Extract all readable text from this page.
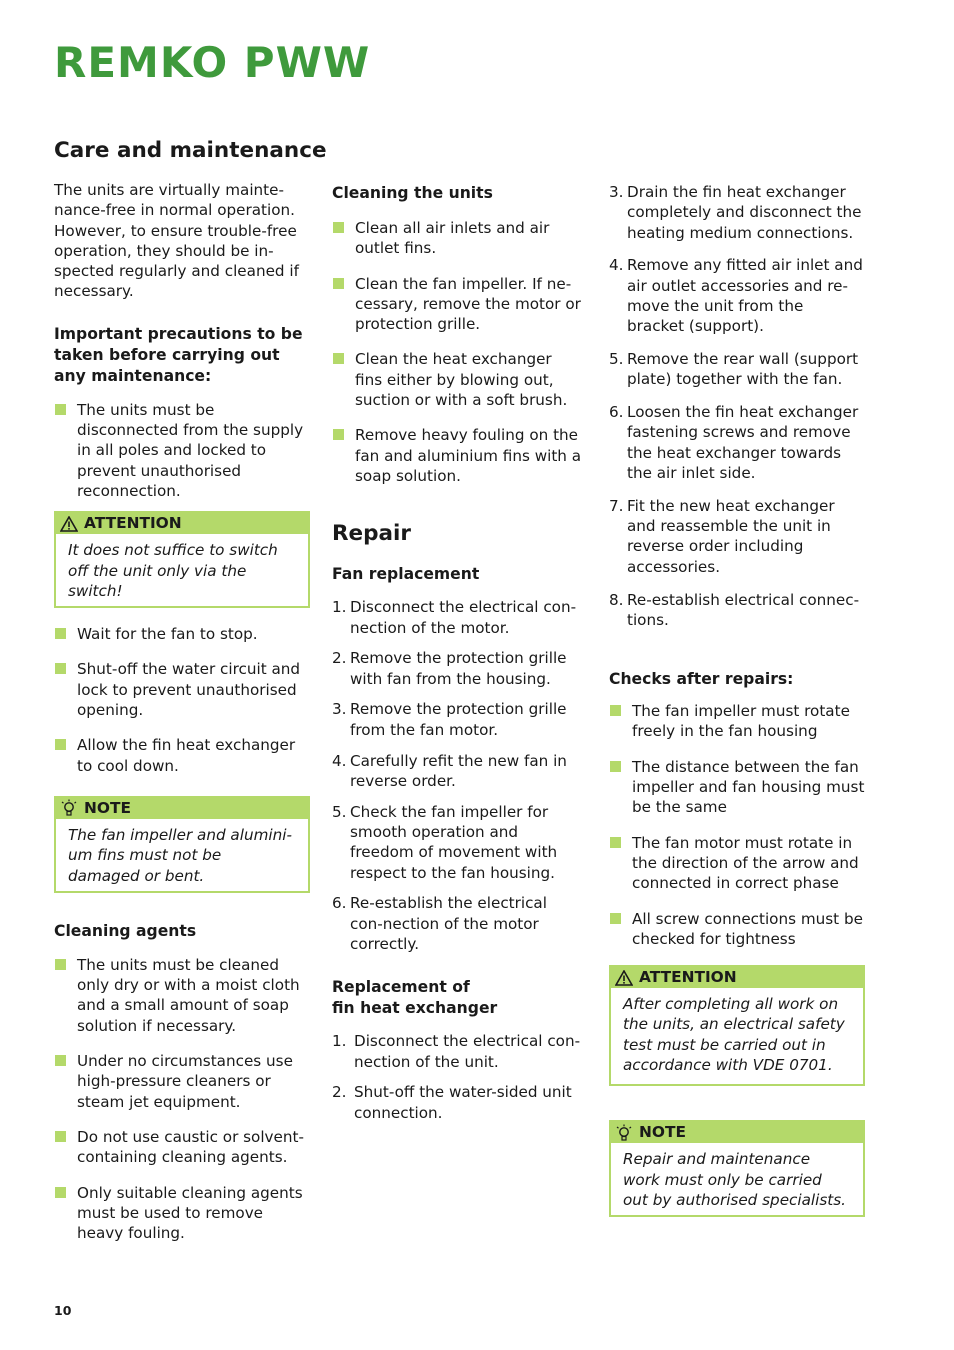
REMKO PWW
Care and maintenance

The units are virtually mainte-nance-free in normal operation. However, to ensure trouble-free operation, they should be in-spected regularly and cleaned if necessary.

Important precautions to be taken before carrying out any maintenance:
The units must be disconnected from the supply in all poles and locked to prevent unauthorised reconnection.
ATTENTION
It does not suffice to switch off the unit only via the switch!
Wait for the fan to stop.
Shut-off the water circuit and lock to prevent unauthorised opening.
Allow the fin heat exchanger to cool down.
NOTE
The fan impeller and alumini-um fins must not be damaged or bent.
Cleaning agents
The units must be cleaned only dry or with a moist cloth and a small amount of soap solution if necessary.
Under no circumstances use high-pressure cleaners or steam jet equipment.
Do not use caustic or solvent-containing cleaning agents.
Only suitable cleaning agents must be used to remove heavy fouling.
Cleaning the units
Clean all air inlets and air outlet fins.
Clean the fan impeller. If ne-cessary, remove the motor or protection grille.
Clean the heat exchanger fins either by blowing out, suction or with a soft brush.
Remove heavy fouling on the fan and aluminium fins with a soap solution.
Repair
Fan replacement
1. Disconnect the electrical con-nection of the motor.
2. Remove the protection grille with fan from the housing.
3. Remove the protection grille from the fan motor.
4. Carefully refit the new fan in reverse order.
5. Check the fan impeller for smooth operation and freedom of movement with respect to the fan housing.
6. Re-establish the electrical con-nection of the motor correctly.
Replacement of
fin heat exchanger
1. Disconnect the electrical con-nection of the unit.
2. Shut-off the water-sided unit connection.
3. Drain the fin heat exchanger completely and disconnect the heating medium connections.
4. Remove any fitted air inlet and air outlet accessories and re-move the unit from the bracket (support).
5. Remove the rear wall (support plate) together with the fan.
6. Loosen the fin heat exchanger fastening screws and remove the heat exchanger towards the air inlet side.
7. Fit the new heat exchanger and reassemble the unit in reverse order including accessories.
8. Re-establish electrical connec-tions.
Checks after repairs:
The fan impeller must rotate freely in the fan housing
The distance between the fan impeller and fan housing must be the same
The fan motor must rotate in the direction of the arrow and connected in correct phase
All screw connections must be checked for tightness
ATTENTION
After completing all work on the units, an electrical safety test must be carried out in accordance with VDE 0701.
NOTE
Repair and maintenance work must only be carried out by authorised specialists.
10
